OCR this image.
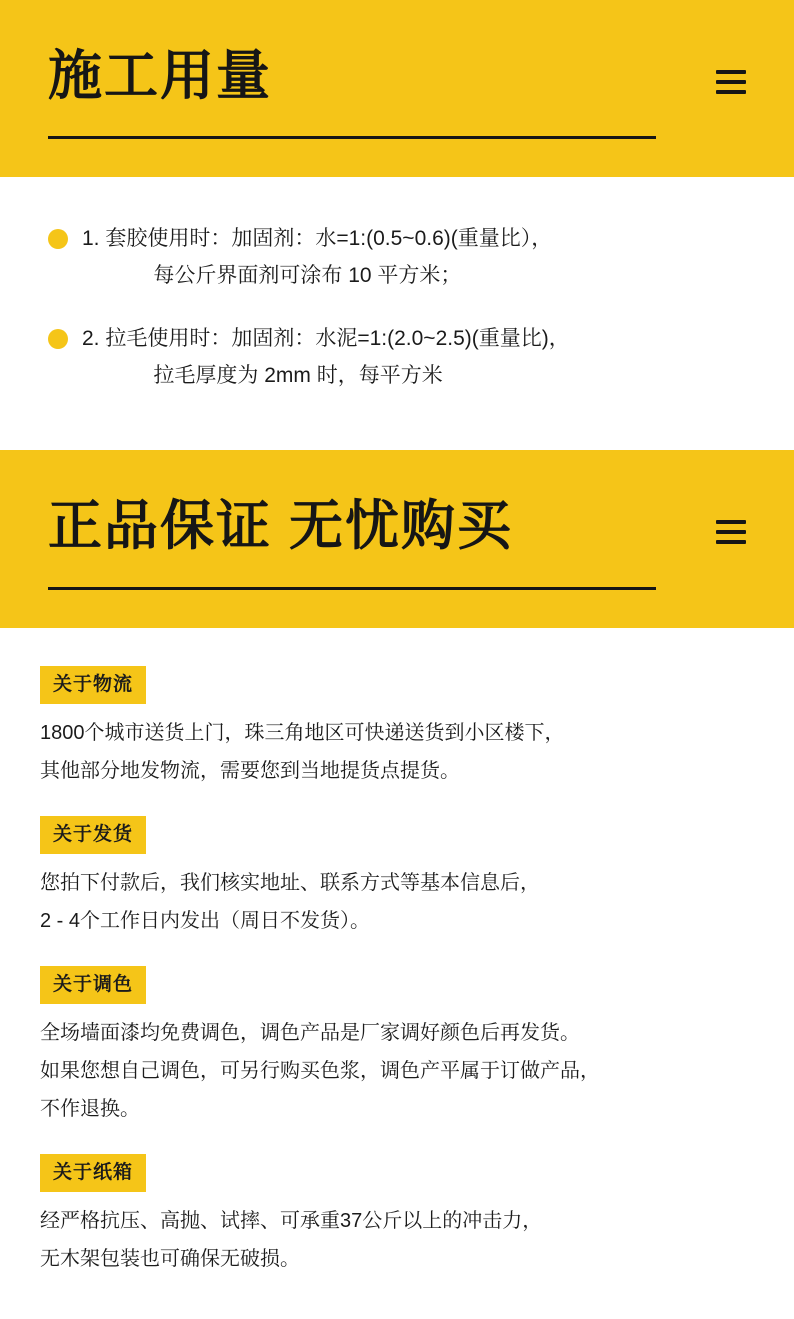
施工用量
1. 套胶使用时：加固剂：水=1:(0.5~0.6)(重量比），
每公斤界面剂可涂布 10 平方米；
2. 拉毛使用时：加固剂：水泥=1:(2.0~2.5)(重量比)，
拉毛厚度为 2mm 时，每平方米
正品保证 无忧购买
关于物流
1800个城市送货上门，珠三角地区可快递送货到小区楼下，
其他部分地发物流，需要您到当地提货点提货。
关于发货
您拍下付款后，我们核实地址、联系方式等基本信息后，
2 - 4个工作日内发出（周日不发货）。
关于调色
全场墙面漆均免费调色，调色产品是厂家调好颜色后再发货。
如果您想自己调色，可另行购买色浆，调色产平属于订做产品，
不作退换。
关于纸箱
经严格抗压、高抛、试摔、可承重37公斤以上的冲击力，
无木架包装也可确保无破损。
